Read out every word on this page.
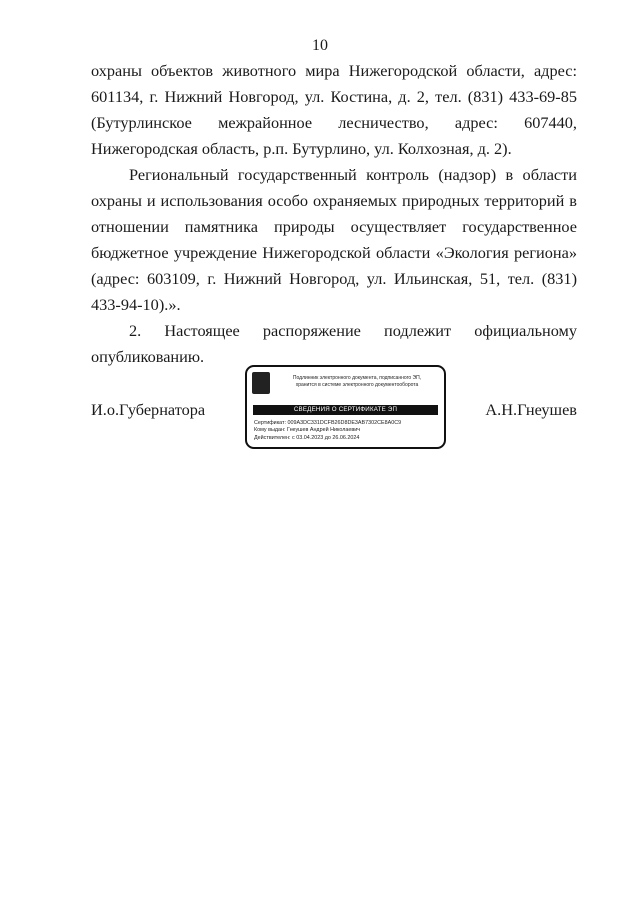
10

охраны объектов животного мира Нижегородской области, адрес: 601134, г. Нижний Новгород, ул. Костина, д. 2, тел. (831) 433-69-85 (Бутурлинское межрайонное лесничество, адрес: 607440, Нижегородская область, р.п. Бутурлино, ул. Колхозная, д. 2).

Региональный государственный контроль (надзор) в области охраны и использования особо охраняемых природных территорий в отношении памятника природы осуществляет государственное бюджетное учреждение Нижегородской области «Экология региона» (адрес: 603109, г. Нижний Новгород, ул. Ильинская, 51, тел. (831) 433-94-10).».

2. Настоящее распоряжение подлежит официальному опубликованию.

И.о.Губернатора
Подлинник электронного документа, подписанного ЭП,
хранится в системе электронного документооборота
СВЕДЕНИЯ О СЕРТИФИКАТЕ ЭП
Сертификат: 009A3DC331DCFB26D8DE3AB7302CE8A0C9
Кому выдан: Гнеушев Андрей Николаевич
Действителен: с 03.04.2023 до 26.06.2024
А.Н.Гнеушев
